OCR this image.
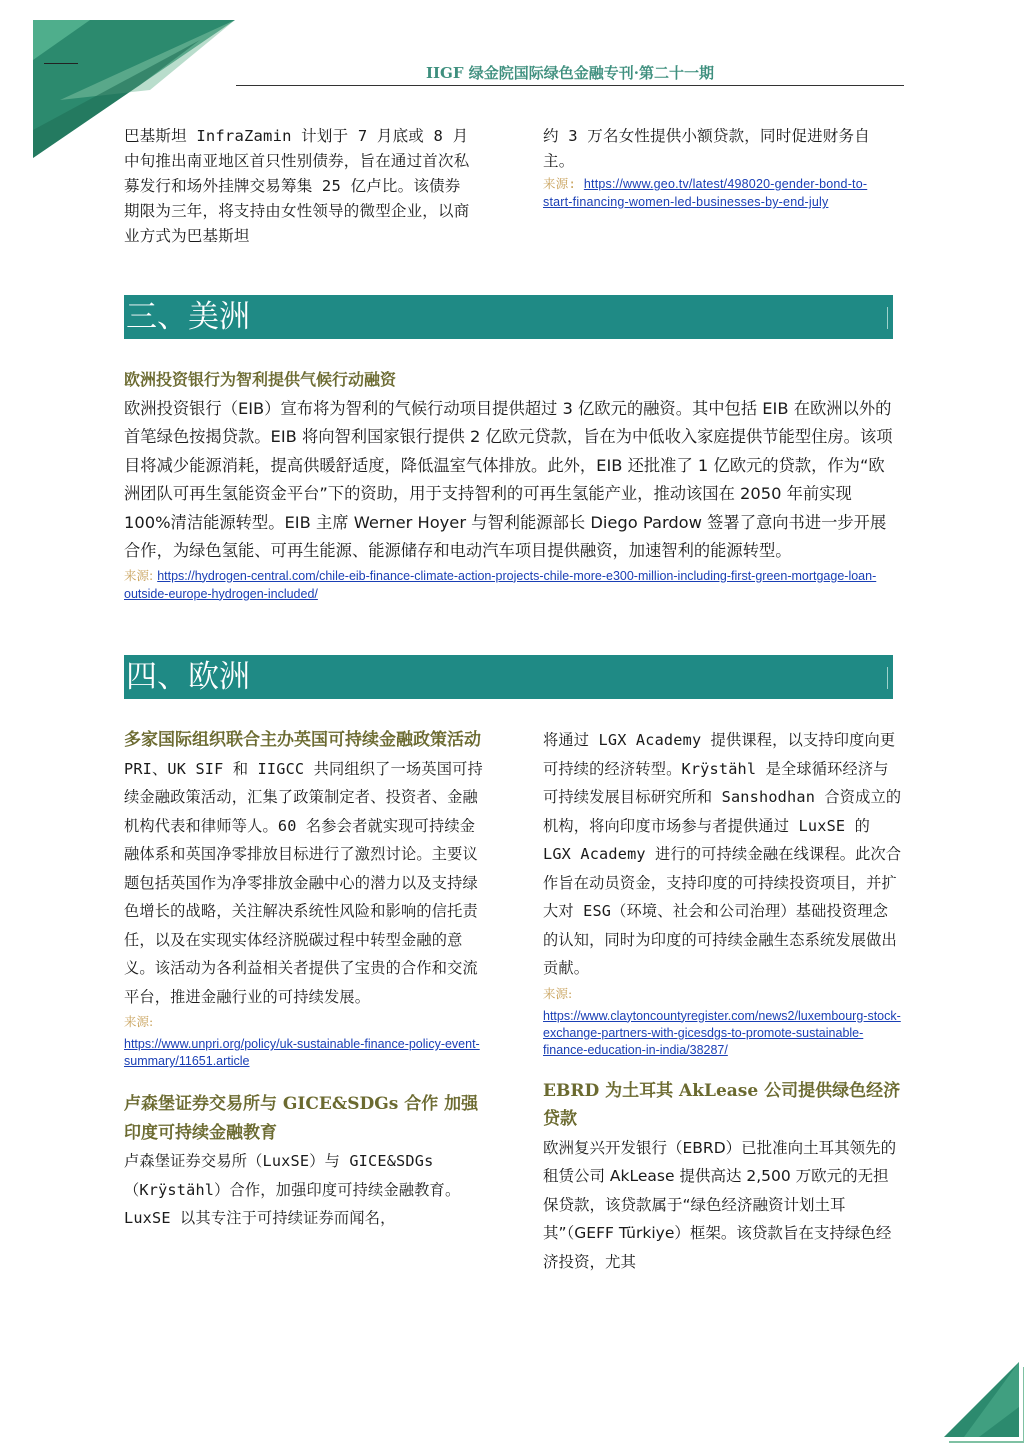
IIGF 绿金院国际绿色金融专刊·第二十一期

巴基斯坦 InfraZamin 计划于 7 月底或 8 月中旬推出南亚地区首只性别债券，旨在通过首次私募发行和场外挂牌交易筹集 25 亿卢比。该债券期限为三年，将支持由女性领导的微型企业，以商业方式为巴基斯坦

约 3 万名女性提供小额贷款，同时促进财务自主。

来源: https://www.geo.tv/latest/498020-gender-bond-to-start-financing-women-led-businesses-by-end-july

三、美洲

欧洲投资银行为智利提供气候行动融资

欧洲投资银行（EIB）宣布将为智利的气候行动项目提供超过 3 亿欧元的融资。其中包括 EIB 在欧洲以外的首笔绿色按揭贷款。EIB 将向智利国家银行提供 2 亿欧元贷款，旨在为中低收入家庭提供节能型住房。该项目将减少能源消耗，提高供暖舒适度，降低温室气体排放。此外，EIB 还批准了 1 亿欧元的贷款，作为“欧洲团队可再生氢能资金平台”下的资助，用于支持智利的可再生氢能产业，推动该国在 2050 年前实现 100%清洁能源转型。EIB 主席 Werner Hoyer 与智利能源部长 Diego Pardow 签署了意向书进一步开展合作，为绿色氢能、可再生能源、能源储存和电动汽车项目提供融资，加速智利的能源转型。

来源: https://hydrogen-central.com/chile-eib-finance-climate-action-projects-chile-more-e300-million-including-first-green-mortgage-loan-outside-europe-hydrogen-included/

四、欧洲

多家国际组织联合主办英国可持续金融政策活动

PRI、UK SIF 和 IIGCC 共同组织了一场英国可持续金融政策活动，汇集了政策制定者、投资者、金融机构代表和律师等人。60 名参会者就实现可持续金融体系和英国净零排放目标进行了激烈讨论。主要议题包括英国作为净零排放金融中心的潜力以及支持绿色增长的战略，关注解决系统性风险和影响的信托责任，以及在实现实体经济脱碳过程中转型金融的意义。该活动为各利益相关者提供了宝贵的合作和交流平台，推进金融行业的可持续发展。

来源:

https://www.unpri.org/policy/uk-sustainable-finance-policy-event-summary/11651.article

卢森堡证券交易所与 GICE&SDGs 合作 加强印度可持续金融教育

卢森堡证券交易所（LuxSE）与 GICE&SDGs（Krÿstähl）合作，加强印度可持续金融教育。LuxSE 以其专注于可持续证券而闻名，

将通过 LGX Academy 提供课程，以支持印度向更可持续的经济转型。Krÿstähl 是全球循环经济与可持续发展目标研究所和 Sanshodhan 合资成立的机构，将向印度市场参与者提供通过 LuxSE 的 LGX Academy 进行的可持续金融在线课程。此次合作旨在动员资金，支持印度的可持续投资项目，并扩大对 ESG（环境、社会和公司治理）基础投资理念的认知，同时为印度的可持续金融生态系统发展做出贡献。

来源:

https://www.claytoncountyregister.com/news2/luxembourg-stock-exchange-partners-with-gicesdgs-to-promote-sustainable-finance-education-in-india/38287/

EBRD 为土耳其 AkLease 公司提供绿色经济贷款

欧洲复兴开发银行（EBRD）已批准向土耳其领先的租赁公司 AkLease 提供高达 2,500 万欧元的无担保贷款，该贷款属于“绿色经济融资计划土耳其”（GEFF Türkiye）框架。该贷款旨在支持绿色经济投资，尤其
